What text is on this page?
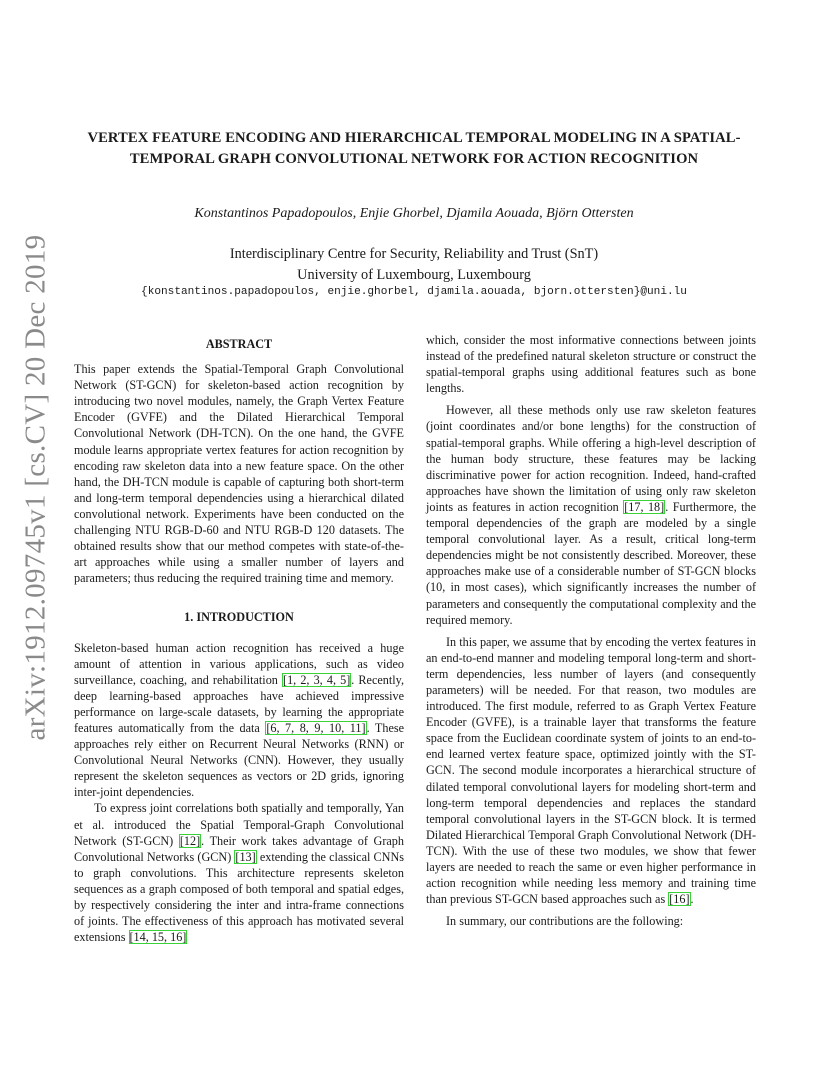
arXiv:1912.09745v1 [cs.CV] 20 Dec 2019
VERTEX FEATURE ENCODING AND HIERARCHICAL TEMPORAL MODELING IN A SPATIAL-TEMPORAL GRAPH CONVOLUTIONAL NETWORK FOR ACTION RECOGNITION
Konstantinos Papadopoulos, Enjie Ghorbel, Djamila Aouada, Björn Ottersten
Interdisciplinary Centre for Security, Reliability and Trust (SnT)
University of Luxembourg, Luxembourg
{konstantinos.papadopoulos, enjie.ghorbel, djamila.aouada, bjorn.ottersten}@uni.lu
ABSTRACT

This paper extends the Spatial-Temporal Graph Convolutional Network (ST-GCN) for skeleton-based action recognition by introducing two novel modules, namely, the Graph Vertex Feature Encoder (GVFE) and the Dilated Hierarchical Temporal Convolutional Network (DH-TCN). On the one hand, the GVFE module learns appropriate vertex features for action recognition by encoding raw skeleton data into a new feature space. On the other hand, the DH-TCN module is capable of capturing both short-term and long-term temporal dependencies using a hierarchical dilated convolutional network. Experiments have been conducted on the challenging NTU RGB-D-60 and NTU RGB-D 120 datasets. The obtained results show that our method competes with state-of-the-art approaches while using a smaller number of layers and parameters; thus reducing the required training time and memory.

1. INTRODUCTION

Skeleton-based human action recognition has received a huge amount of attention in various applications, such as video surveillance, coaching, and rehabilitation [1, 2, 3, 4, 5]. Recently, deep learning-based approaches have achieved impressive performance on large-scale datasets, by learning the appropriate features automatically from the data [6, 7, 8, 9, 10, 11]. These approaches rely either on Recurrent Neural Networks (RNN) or Convolutional Neural Networks (CNN). However, they usually represent the skeleton sequences as vectors or 2D grids, ignoring inter-joint dependencies.

To express joint correlations both spatially and temporally, Yan et al. introduced the Spatial Temporal-Graph Convolutional Network (ST-GCN) [12]. Their work takes advantage of Graph Convolutional Networks (GCN) [13] extending the classical CNNs to graph convolutions. This architecture represents skeleton sequences as a graph composed of both temporal and spatial edges, by respectively considering the inter and intra-frame connections of joints. The effectiveness of this approach has motivated several extensions [14, 15, 16]

which, consider the most informative connections between joints instead of the predefined natural skeleton structure or construct the spatial-temporal graphs using additional features such as bone lengths.

However, all these methods only use raw skeleton features (joint coordinates and/or bone lengths) for the construction of spatial-temporal graphs. While offering a high-level description of the human body structure, these features may be lacking discriminative power for action recognition. Indeed, hand-crafted approaches have shown the limitation of using only raw skeleton joints as features in action recognition [17, 18]. Furthermore, the temporal dependencies of the graph are modeled by a single temporal convolutional layer. As a result, critical long-term dependencies might be not consistently described. Moreover, these approaches make use of a considerable number of ST-GCN blocks (10, in most cases), which significantly increases the number of parameters and consequently the computational complexity and the required memory.

In this paper, we assume that by encoding the vertex features in an end-to-end manner and modeling temporal long-term and short-term dependencies, less number of layers (and consequently parameters) will be needed. For that reason, two modules are introduced. The first module, referred to as Graph Vertex Feature Encoder (GVFE), is a trainable layer that transforms the feature space from the Euclidean coordinate system of joints to an end-to-end learned vertex feature space, optimized jointly with the ST-GCN. The second module incorporates a hierarchical structure of dilated temporal convolutional layers for modeling short-term and long-term temporal dependencies and replaces the standard temporal convolutional layers in the ST-GCN block. It is termed Dilated Hierarchical Temporal Graph Convolutional Network (DH-TCN). With the use of these two modules, we show that fewer layers are needed to reach the same or even higher performance in action recognition while needing less memory and training time than previous ST-GCN based approaches such as [16].

In summary, our contributions are the following:
